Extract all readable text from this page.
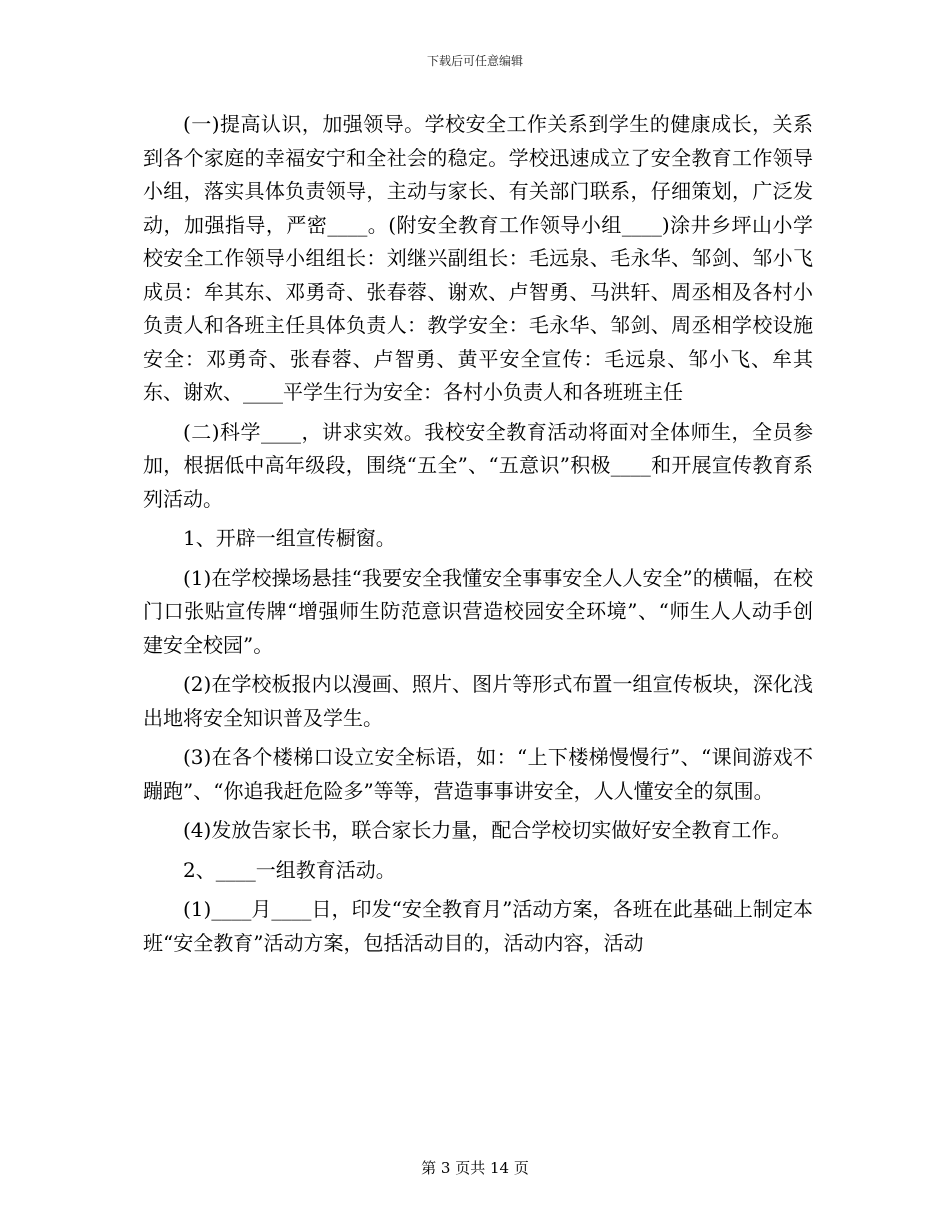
下载后可任意编辑

(一)提高认识，加强领导。学校安全工作关系到学生的健康成长，关系到各个家庭的幸福安宁和全社会的稳定。学校迅速成立了安全教育工作领导小组，落实具体负责领导，主动与家长、有关部门联系，仔细策划，广泛发动，加强指导，严密____。(附安全教育工作领导小组____)涂井乡坪山小学校安全工作领导小组组长：刘继兴副组长：毛远泉、毛永华、邹剑、邹小飞成员：牟其东、邓勇奇、张春蓉、谢欢、卢智勇、马洪轩、周丞相及各村小负责人和各班主任具体负责人：教学安全：毛永华、邹剑、周丞相学校设施安全：邓勇奇、张春蓉、卢智勇、黄平安全宣传：毛远泉、邹小飞、牟其东、谢欢、____平学生行为安全：各村小负责人和各班班主任

(二)科学____，讲求实效。我校安全教育活动将面对全体师生，全员参加，根据低中高年级段，围绕“五全”、“五意识”积极____和开展宣传教育系列活动。

1、开辟一组宣传橱窗。

(1)在学校操场悬挂“我要安全我懂安全事事安全人人安全”的横幅，在校门口张贴宣传牌“增强师生防范意识营造校园安全环境”、“师生人人动手创建安全校园”。

(2)在学校板报内以漫画、照片、图片等形式布置一组宣传板块，深化浅出地将安全知识普及学生。

(3)在各个楼梯口设立安全标语，如：“上下楼梯慢慢行”、“课间游戏不蹦跑”、“你追我赶危险多”等等，营造事事讲安全，人人懂安全的氛围。

(4)发放告家长书，联合家长力量，配合学校切实做好安全教育工作。

2、____一组教育活动。

(1)____月____日，印发“安全教育月”活动方案，各班在此基础上制定本班“安全教育”活动方案，包括活动目的，活动内容，活动

第 3 页共 14 页
